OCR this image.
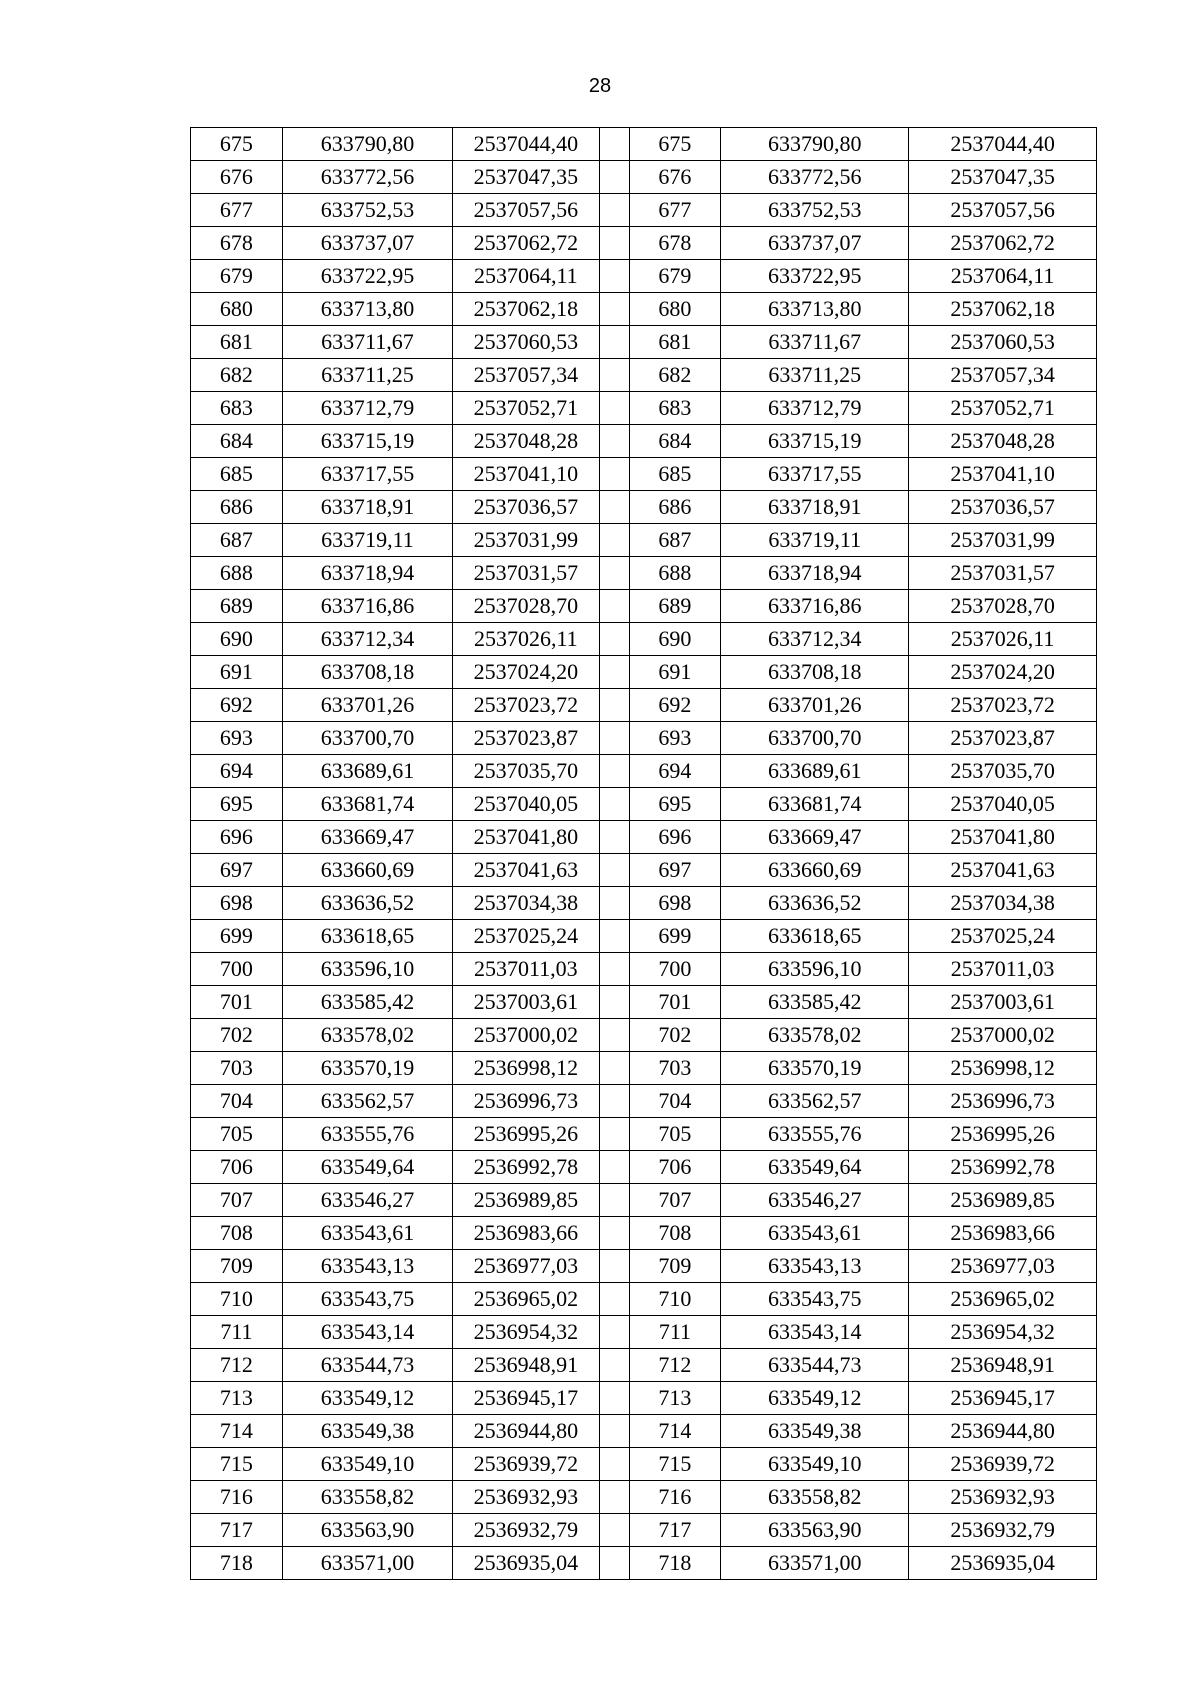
28
675	633790,80	2537044,40		675	633790,80	2537044,40
676	633772,56	2537047,35		676	633772,56	2537047,35
677	633752,53	2537057,56		677	633752,53	2537057,56
678	633737,07	2537062,72		678	633737,07	2537062,72
679	633722,95	2537064,11		679	633722,95	2537064,11
680	633713,80	2537062,18		680	633713,80	2537062,18
681	633711,67	2537060,53		681	633711,67	2537060,53
682	633711,25	2537057,34		682	633711,25	2537057,34
683	633712,79	2537052,71		683	633712,79	2537052,71
684	633715,19	2537048,28		684	633715,19	2537048,28
685	633717,55	2537041,10		685	633717,55	2537041,10
686	633718,91	2537036,57		686	633718,91	2537036,57
687	633719,11	2537031,99		687	633719,11	2537031,99
688	633718,94	2537031,57		688	633718,94	2537031,57
689	633716,86	2537028,70		689	633716,86	2537028,70
690	633712,34	2537026,11		690	633712,34	2537026,11
691	633708,18	2537024,20		691	633708,18	2537024,20
692	633701,26	2537023,72		692	633701,26	2537023,72
693	633700,70	2537023,87		693	633700,70	2537023,87
694	633689,61	2537035,70		694	633689,61	2537035,70
695	633681,74	2537040,05		695	633681,74	2537040,05
696	633669,47	2537041,80		696	633669,47	2537041,80
697	633660,69	2537041,63		697	633660,69	2537041,63
698	633636,52	2537034,38		698	633636,52	2537034,38
699	633618,65	2537025,24		699	633618,65	2537025,24
700	633596,10	2537011,03		700	633596,10	2537011,03
701	633585,42	2537003,61		701	633585,42	2537003,61
702	633578,02	2537000,02		702	633578,02	2537000,02
703	633570,19	2536998,12		703	633570,19	2536998,12
704	633562,57	2536996,73		704	633562,57	2536996,73
705	633555,76	2536995,26		705	633555,76	2536995,26
706	633549,64	2536992,78		706	633549,64	2536992,78
707	633546,27	2536989,85		707	633546,27	2536989,85
708	633543,61	2536983,66		708	633543,61	2536983,66
709	633543,13	2536977,03		709	633543,13	2536977,03
710	633543,75	2536965,02		710	633543,75	2536965,02
711	633543,14	2536954,32		711	633543,14	2536954,32
712	633544,73	2536948,91		712	633544,73	2536948,91
713	633549,12	2536945,17		713	633549,12	2536945,17
714	633549,38	2536944,80		714	633549,38	2536944,80
715	633549,10	2536939,72		715	633549,10	2536939,72
716	633558,82	2536932,93		716	633558,82	2536932,93
717	633563,90	2536932,79		717	633563,90	2536932,79
718	633571,00	2536935,04		718	633571,00	2536935,04
